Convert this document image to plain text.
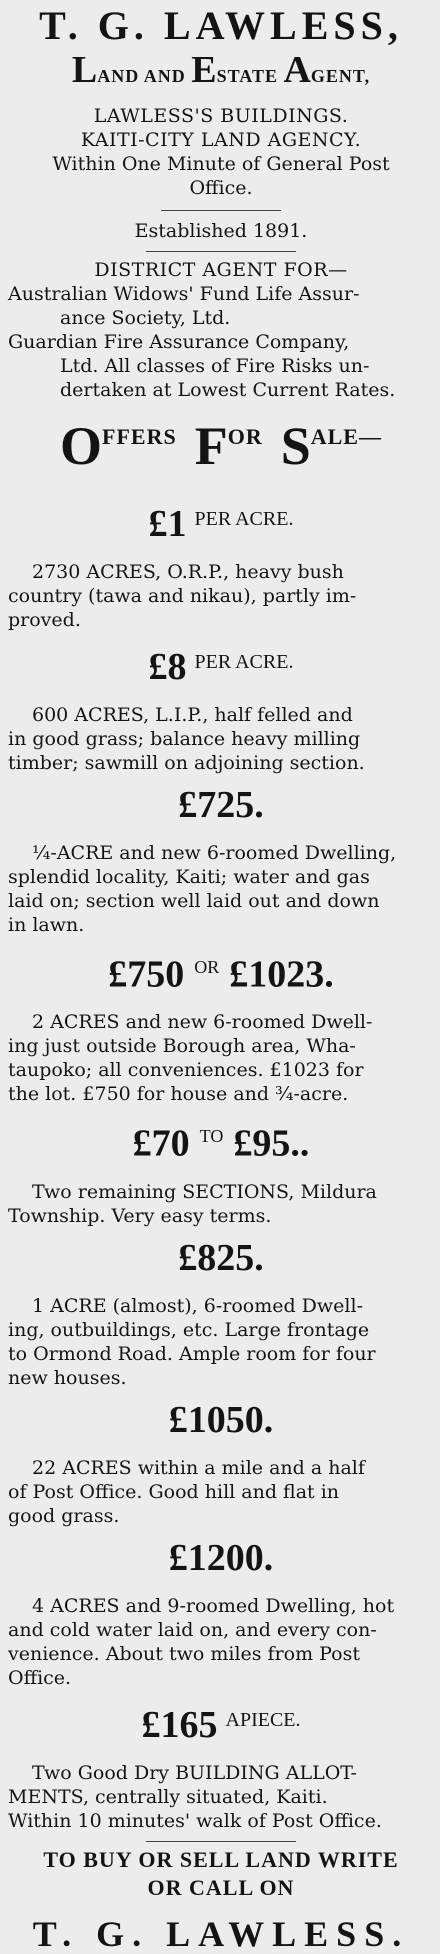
T. G. LAWLESS,
LAND AND ESTATE AGENT,

LAWLESS'S BUILDINGS.

KAITI-CITY LAND AGENCY.

Within One Minute of General Post

Office.

Established 1891.

DISTRICT AGENT FOR—

Australian Widows' Fund Life Assur-

ance Society, Ltd.

Guardian Fire Assurance Company,

Ltd. All classes of Fire Risks un-

dertaken at Lowest Current Rates.

OFFERS FOR SALE—
£1 PER ACRE.
2730 ACRES, O.R.P., heavy bush
country (tawa and nikau), partly im-
proved.
£8 PER ACRE.
600 ACRES, L.I.P., half felled and
in good grass; balance heavy milling
timber; sawmill on adjoining section.
£725.
¼-ACRE and new 6-roomed Dwelling,
splendid locality, Kaiti; water and gas
laid on; section well laid out and down
in lawn.
£750 OR £1023.
2 ACRES and new 6-roomed Dwell-
ing just outside Borough area, Wha-
taupoko; all conveniences. £1023 for
the lot. £750 for house and ¾-acre.
£70 TO £95..
Two remaining SECTIONS, Mildura
Township. Very easy terms.
£825.
1 ACRE (almost), 6-roomed Dwell-
ing, outbuildings, etc. Large frontage
to Ormond Road. Ample room for four
new houses.
£1050.
22 ACRES within a mile and a half
of Post Office. Good hill and flat in
good grass.
£1200.
4 ACRES and 9-roomed Dwelling, hot
and cold water laid on, and every con-
venience. About two miles from Post
Office.
£165 APIECE.
Two Good Dry BUILDING ALLOT-
MENTS, centrally situated, Kaiti.
Within 10 minutes' walk of Post Office.

TO BUY OR SELL LAND WRITE

OR CALL ON

T. G. LAWLESS.
